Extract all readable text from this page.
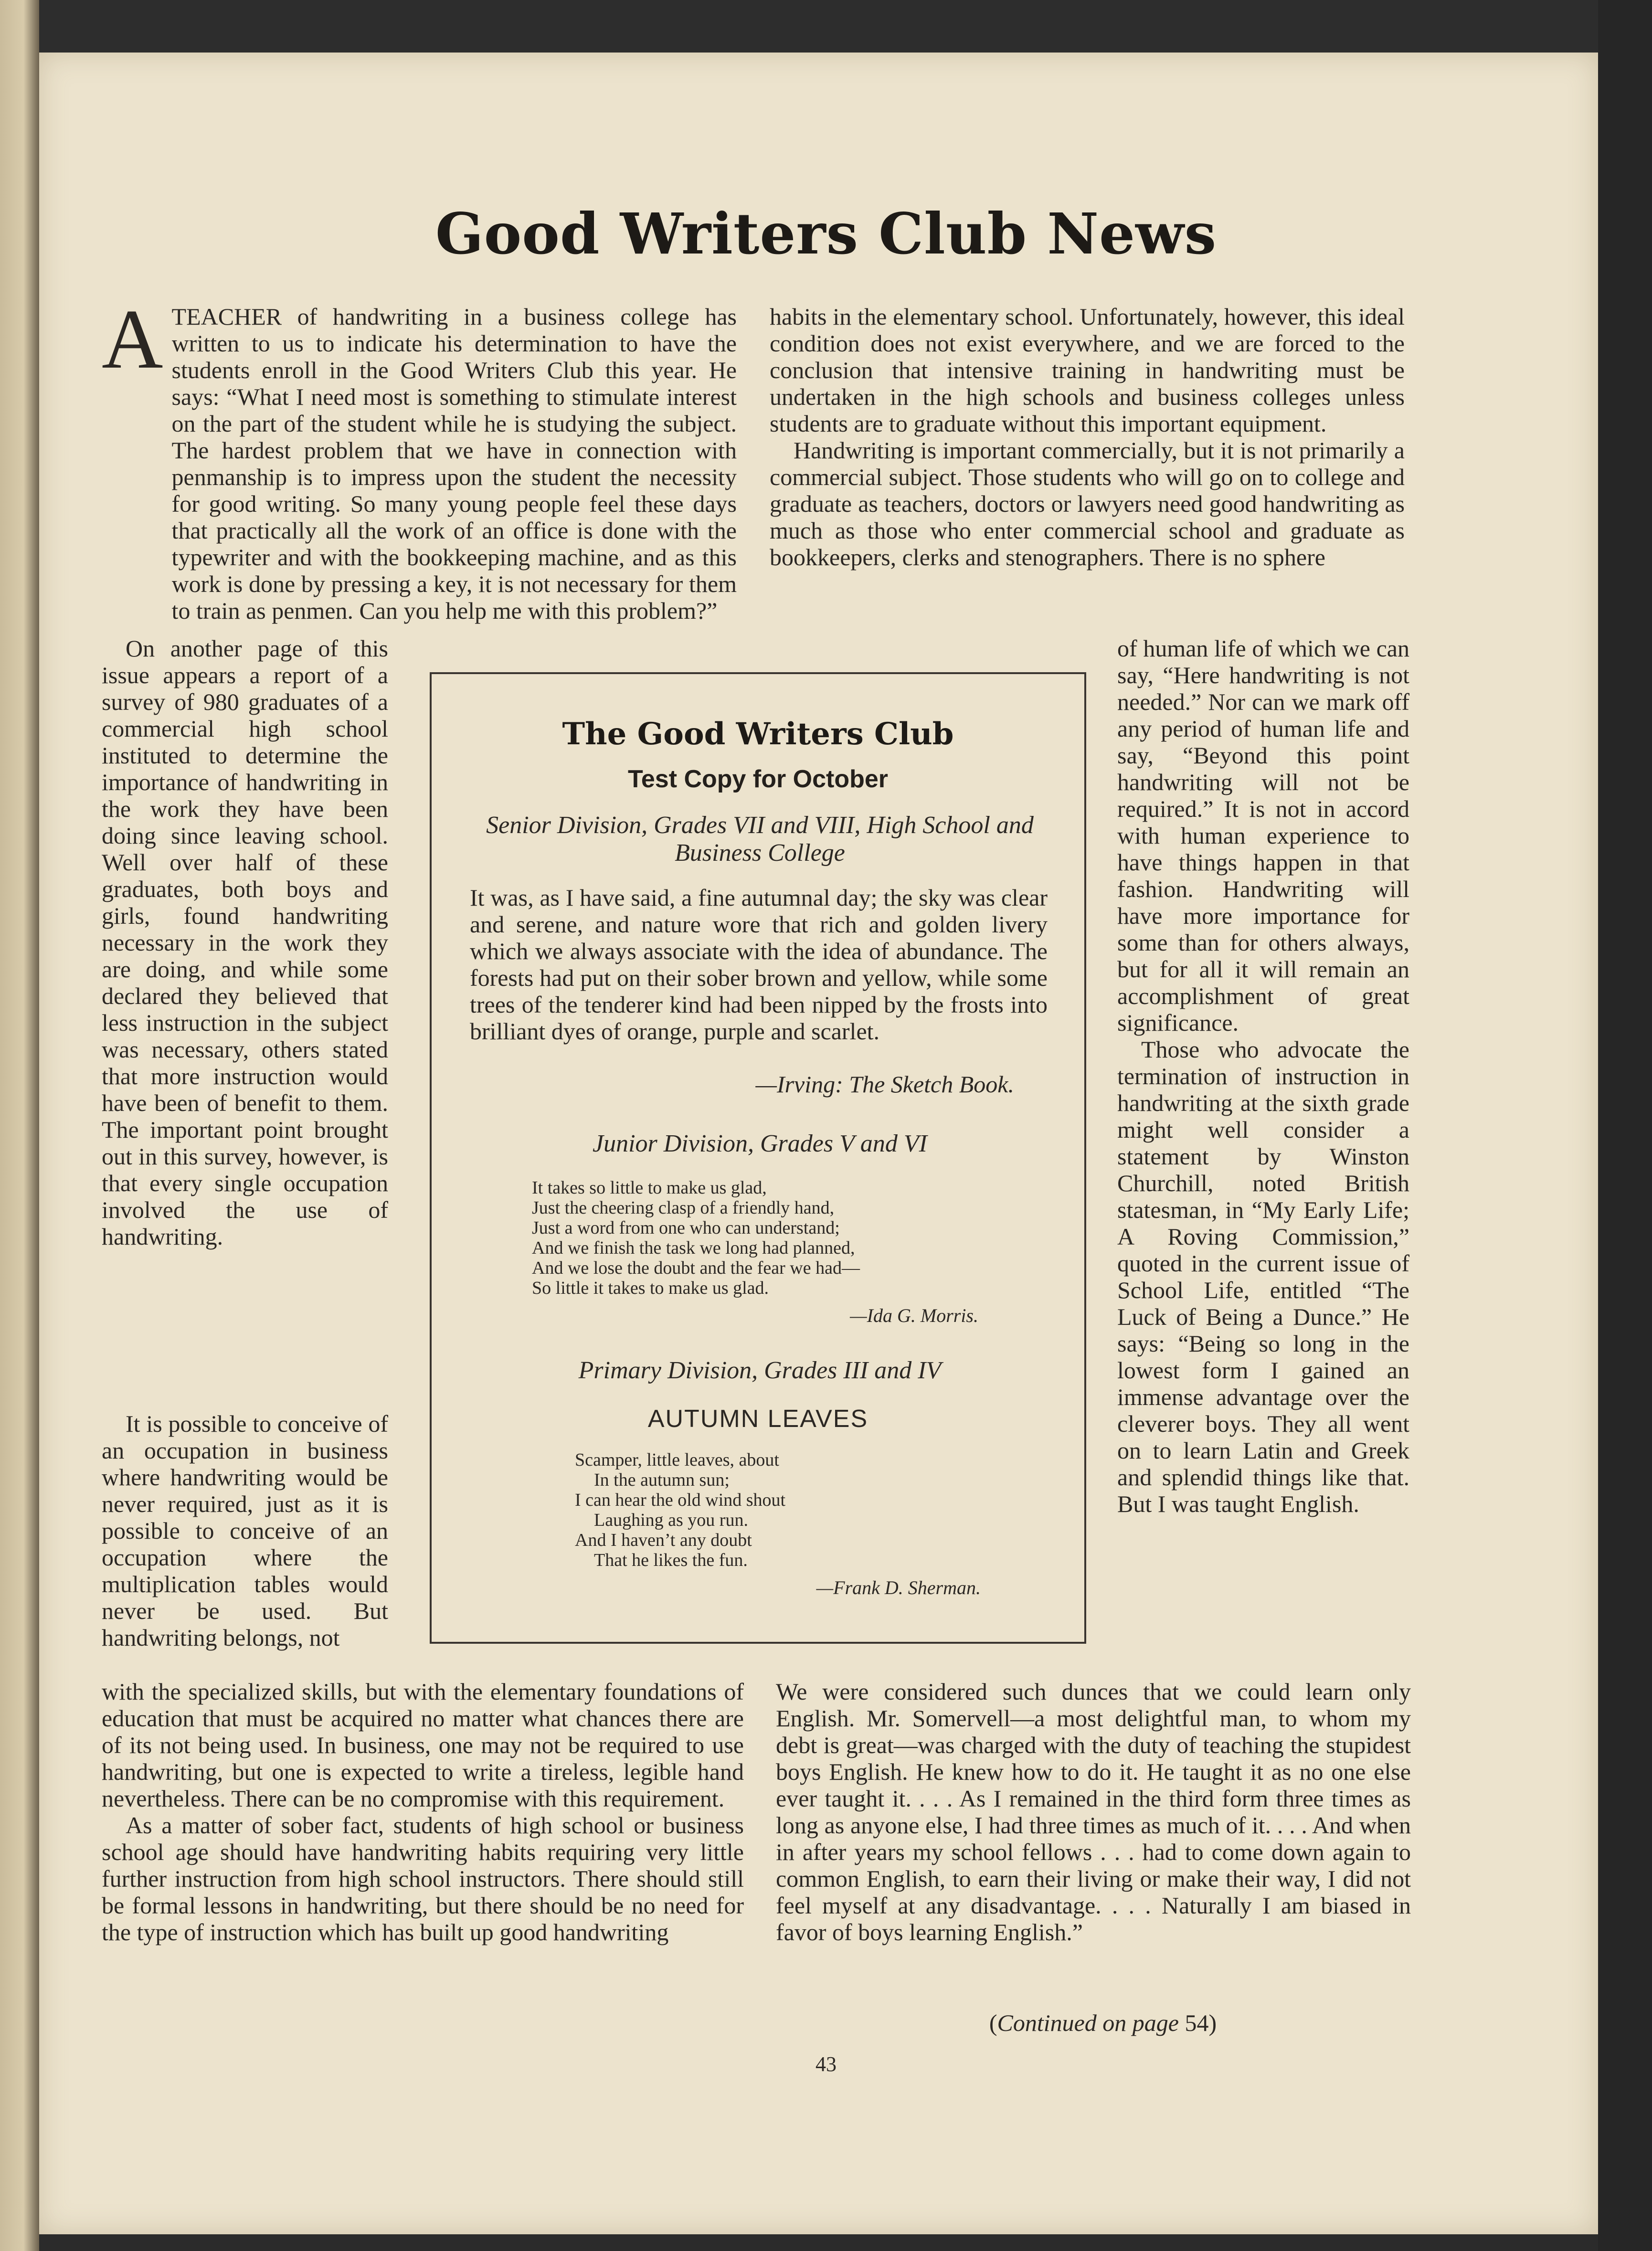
Good Writers Club News
A TEACHER of handwriting in a business college has written to us to indicate his determination to have the students enroll in the Good Writers Club this year. He says: “What I need most is something to stimulate interest on the part of the student while he is studying the subject. The hardest problem that we have in connection with penmanship is to impress upon the student the necessity for good writing. So many young people feel these days that practically all the work of an office is done with the typewriter and with the bookkeeping machine, and as this work is done by pressing a key, it is not necessary for them to train as penmen. Can you help me with this problem?”

On another page of this issue appears a report of a survey of 980 graduates of a commercial high school instituted to determine the importance of handwriting in the work they have been doing since leaving school. Well over half of these graduates, both boys and girls, found handwriting necessary in the work they are doing, and while some declared they believed that less instruction in the subject was necessary, others stated that more instruction would have been of benefit to them. The important point brought out in this survey, however, is that every single occupation involved the use of handwriting.

It is possible to conceive of an occupation in business where handwriting would be never required, just as it is possible to conceive of an occupation where the multiplication tables would never be used. But handwriting belongs, not

with the specialized skills, but with the elementary foundations of education that must be acquired no matter what chances there are of its not being used. In business, one may not be required to use handwriting, but one is expected to write a tireless, legible hand nevertheless. There can be no compromise with this requirement.

As a matter of sober fact, students of high school or business school age should have handwriting habits requiring very little further instruction from high school instructors. There should still be formal lessons in handwriting, but there should be no need for the type of instruction which has built up good handwriting

habits in the elementary school. Unfortunately, however, this ideal condition does not exist everywhere, and we are forced to the conclusion that intensive training in handwriting must be undertaken in the high schools and business colleges unless students are to graduate without this important equipment.

Handwriting is important commercially, but it is not primarily a commercial subject. Those students who will go on to college and graduate as teachers, doctors or lawyers need good handwriting as much as those who enter commercial school and graduate as bookkeepers, clerks and stenographers. There is no sphere

of human life of which we can say, “Here handwriting is not needed.” Nor can we mark off any period of human life and say, “Beyond this point handwriting will not be required.” It is not in accord with human experience to have things happen in that fashion. Handwriting will have more importance for some than for others always, but for all it will remain an accomplishment of great significance.

Those who advocate the termination of instruction in handwriting at the sixth grade might well consider a statement by Winston Churchill, noted British statesman, in “My Early Life; A Roving Commission,” quoted in the current issue of School Life, entitled “The Luck of Being a Dunce.” He says: “Being so long in the lowest form I gained an immense advantage over the cleverer boys. They all went on to learn Latin and Greek and splendid things like that. But I was taught English.

We were considered such dunces that we could learn only English. Mr. Somervell—a most delightful man, to whom my debt is great—was charged with the duty of teaching the stupidest boys English. He knew how to do it. He taught it as no one else ever taught it. . . . As I remained in the third form three times as long as anyone else, I had three times as much of it. . . . And when in after years my school fellows . . . had to come down again to common English, to earn their living or make their way, I did not feel myself at any disadvantage. . . . Naturally I am biased in favor of boys learning English.”

(Continued on page 54)
The Good Writers Club
Test Copy for October
Senior Division, Grades VII and VIII, High School and Business College

It was, as I have said, a fine autumnal day; the sky was clear and serene, and nature wore that rich and golden livery which we always associate with the idea of abundance. The forests had put on their sober brown and yellow, while some trees of the tenderer kind had been nipped by the frosts into brilliant dyes of orange, purple and scarlet.

—Irving: The Sketch Book.
Junior Division, Grades V and VI
It takes so little to make us glad,
Just the cheering clasp of a friendly hand,
Just a word from one who can understand;
And we finish the task we long had planned,
And we lose the doubt and the fear we had—
So little it takes to make us glad.
—Ida G. Morris.
Primary Division, Grades III and IV
AUTUMN LEAVES
Scamper, little leaves, about
In the autumn sun;
I can hear the old wind shout
Laughing as you run.
And I haven’t any doubt
That he likes the fun.
—Frank D. Sherman.
43
